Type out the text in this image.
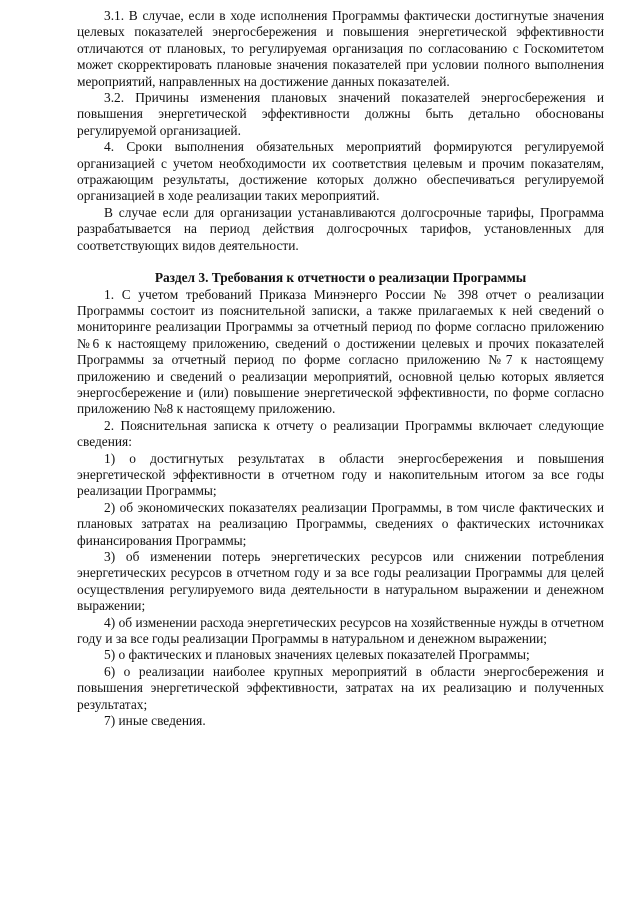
3.1. В случае, если в ходе исполнения Программы фактически достигнутые значения целевых показателей энергосбережения и повышения энергетической эффективности отличаются от плановых, то регулируемая организация по согласованию с Госкомитетом может скорректировать плановые значения показателей при условии полного выполнения мероприятий, направленных на достижение данных показателей.

3.2. Причины изменения плановых значений показателей энергосбережения и повышения энергетической эффективности должны быть детально обоснованы регулируемой организацией.

4. Сроки выполнения обязательных мероприятий формируются регулируемой организацией с учетом необходимости их соответствия целевым и прочим показателям, отражающим результаты, достижение которых должно обеспечиваться регулируемой организацией в ходе реализации таких мероприятий.

В случае если для организации устанавливаются долгосрочные тарифы, Программа разрабатывается на период действия долгосрочных тарифов, установленных для соответствующих видов деятельности.

Раздел 3. Требования к отчетности о реализации Программы

1. С учетом требований Приказа Минэнерго России № 398 отчет о реализации Программы состоит из пояснительной записки, а также прилагаемых к ней сведений о мониторинге реализации Программы за отчетный период по форме согласно приложению №6 к настоящему приложению, сведений о достижении целевых и прочих показателей Программы за отчетный период по форме согласно приложению №7 к настоящему приложению и сведений о реализации мероприятий, основной целью которых является энергосбережение и (или) повышение энергетической эффективности, по форме согласно приложению №8 к настоящему приложению.

2. Пояснительная записка к отчету о реализации Программы включает следующие сведения:

1) о достигнутых результатах в области энергосбережения и повышения энергетической эффективности в отчетном году и накопительным итогом за все годы реализации Программы;

2) об экономических показателях реализации Программы, в том числе фактических и плановых затратах на реализацию Программы, сведениях о фактических источниках финансирования Программы;

3) об изменении потерь энергетических ресурсов или снижении потребления энергетических ресурсов в отчетном году и за все годы реализации Программы для целей осуществления регулируемого вида деятельности в натуральном выражении и денежном выражении;

4) об изменении расхода энергетических ресурсов на хозяйственные нужды в отчетном году и за все годы реализации Программы в натуральном и денежном выражении;

5) о фактических и плановых значениях целевых показателей Программы;

6) о реализации наиболее крупных мероприятий в области энергосбережения и повышения энергетической эффективности, затратах на их реализацию и полученных результатах;

7) иные сведения.
